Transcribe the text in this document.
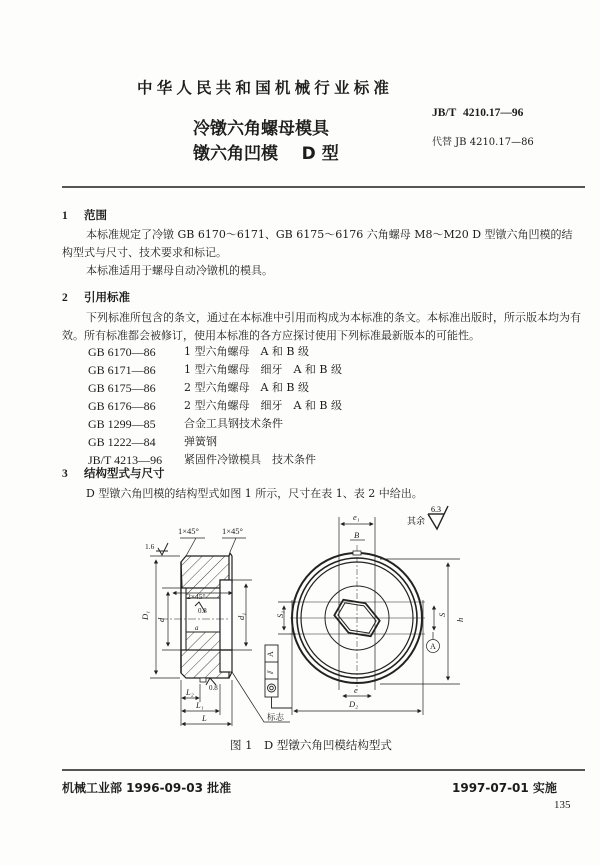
中华人民共和国机械行业标准
JB/T 4210.17—96
代替 JB 4210.17—86
冷镦六角螺母模具
镦六角凹模    D 型
1 范围
本标准规定了冷镦 GB 6170～6171、GB 6175～6176 六角螺母 M8～M20 D 型镦六角凹模的结构型式与尺寸、技术要求和标记。
本标准适用于螺母自动冷镦机的模具。
2 引用标准
下列标准所包含的条文，通过在本标准中引用而构成为本标准的条文。本标准出版时，所示版本均为有效。所有标准都会被修订，使用本标准的各方应探讨使用下列标准最新版本的可能性。
GB 6170—86	1 型六角螺母　A 和 B 级
GB 6171—86	1 型六角螺母　细牙　A 和 B 级
GB 6175—86	2 型六角螺母　A 和 B 级
GB 6176—86	2 型六角螺母　细牙　A 和 B 级
GB 1299—85	合金工具钢技术条件
GB 1222—84	弹簧钢
JB/T 4213—96 紧固件冷镦模具　技术条件
3 结构型式与尺寸
D 型镦六角凹模的结构型式如图 1 所示，尺寸在表 1、表 2 中给出。
其余
6.3
1×45°	1×45°
2×45°
1.6
0.8
0.8
D₁ d	d₁
a
L₂
L₁
L	标志
A
⫽
e₁
B
h
S
S₁
e
D₂
A
图 1　D 型镦六角凹模结构型式
机械工业部 1996-09-03 批准	1997-07-01 实施
135
